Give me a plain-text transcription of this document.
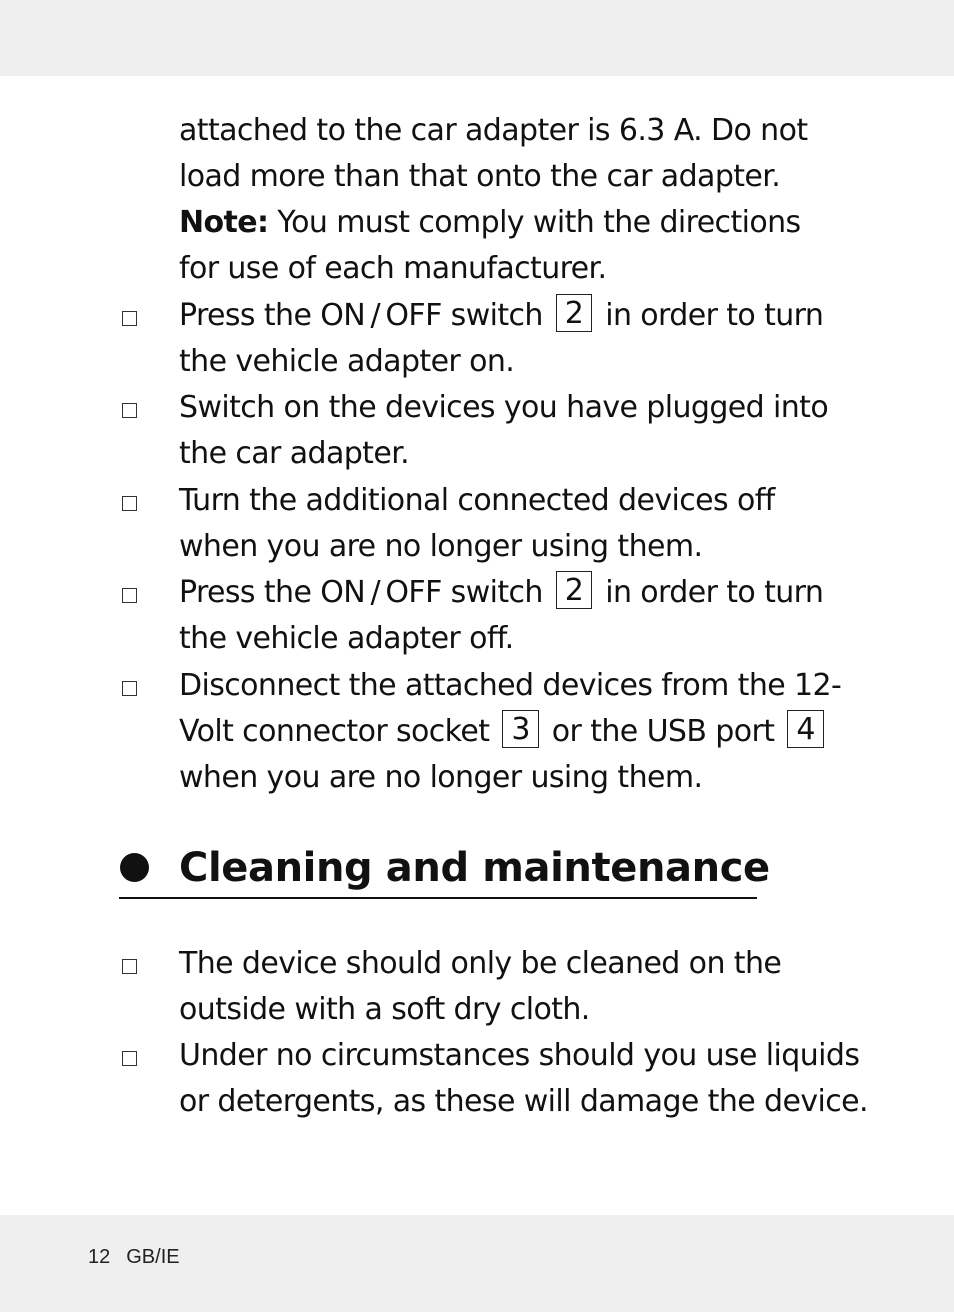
attached to the car adapter is 6.3 A. Do not
load more than that onto the car adapter.
Note: You must comply with the directions
for use of each manufacturer.
Press the ON / OFF switch 2 in order to turn
the vehicle adapter on.
Switch on the devices you have plugged into
the car adapter.
Turn the additional connected devices off
when you are no longer using them.
Press the ON / OFF switch 2 in order to turn
the vehicle adapter off.
Disconnect the attached devices from the 12-
Volt connector socket 3 or the USB port 4
when you are no longer using them.
Cleaning and maintenance
The device should only be cleaned on the
outside with a soft dry cloth.
Under no circumstances should you use liquids
or detergents, as these will damage the device.
12 GB/IE
